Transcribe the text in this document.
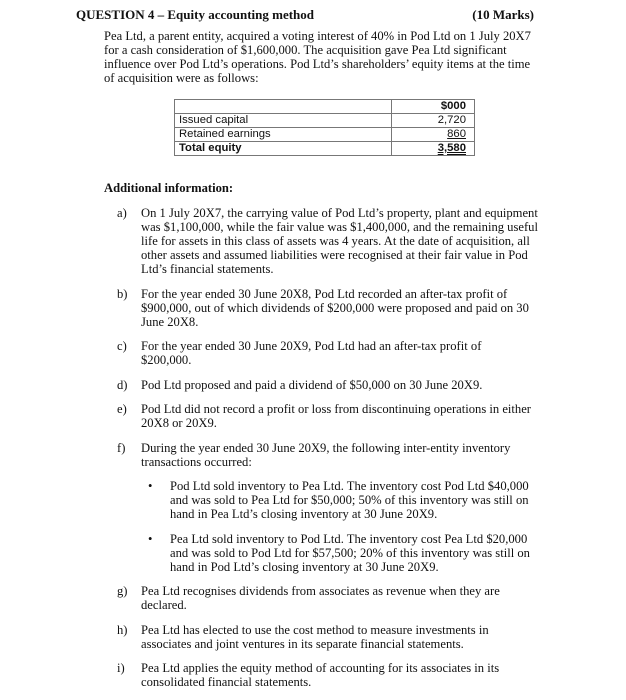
QUESTION 4 – Equity accounting method	(10 Marks)
Pea Ltd, a parent entity, acquired a voting interest of 40% in Pod Ltd on 1 July 20X7
for a cash consideration of $1,600,000. The acquisition gave Pea Ltd significant
influence over Pod Ltd’s operations. Pod Ltd’s shareholders’ equity items at the time
of acquisition were as follows:
	$000
Issued capital	2,720
Retained earnings	860
Total equity	3,580
Additional information:
a) On 1 July 20X7, the carrying value of Pod Ltd’s property, plant and equipment
was $1,100,000, while the fair value was $1,400,000, and the remaining useful
life for assets in this class of assets was 4 years. At the date of acquisition, all
other assets and assumed liabilities were recognised at their fair value in Pod
Ltd’s financial statements.
b) For the year ended 30 June 20X8, Pod Ltd recorded an after-tax profit of
$900,000, out of which dividends of $200,000 were proposed and paid on 30
June 20X8.
c) For the year ended 30 June 20X9, Pod Ltd had an after-tax profit of
$200,000.
d) Pod Ltd proposed and paid a dividend of $50,000 on 30 June 20X9.
e) Pod Ltd did not record a profit or loss from discontinuing operations in either
20X8 or 20X9.
f) During the year ended 30 June 20X9, the following inter-entity inventory
transactions occurred:
• Pod Ltd sold inventory to Pea Ltd. The inventory cost Pod Ltd $40,000
and was sold to Pea Ltd for $50,000; 50% of this inventory was still on
hand in Pea Ltd’s closing inventory at 30 June 20X9.
• Pea Ltd sold inventory to Pod Ltd. The inventory cost Pea Ltd $20,000
and was sold to Pod Ltd for $57,500; 20% of this inventory was still on
hand in Pod Ltd’s closing inventory at 30 June 20X9.
g) Pea Ltd recognises dividends from associates as revenue when they are
declared.
h) Pea Ltd has elected to use the cost method to measure investments in
associates and joint ventures in its separate financial statements.
i) Pea Ltd applies the equity method of accounting for its associates in its
consolidated financial statements.
